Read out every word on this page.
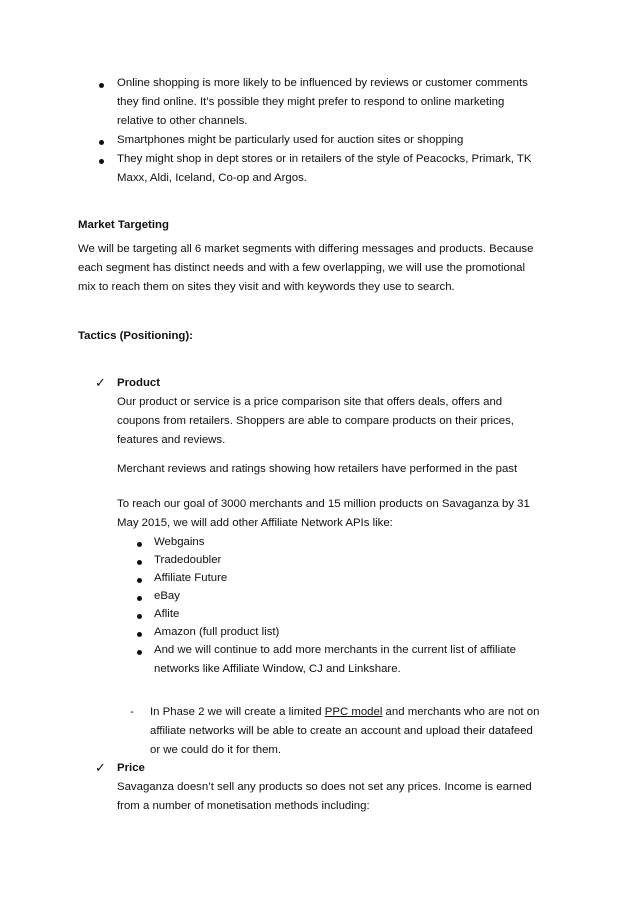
Online shopping is more likely to be influenced by reviews or customer comments
they find online. It’s possible they might prefer to respond to online marketing
relative to other channels.
Smartphones might be particularly used for auction sites or shopping
They might shop in dept stores or in retailers of the style of Peacocks, Primark, TK
Maxx, Aldi, Iceland, Co-op and Argos.
Market Targeting
We will be targeting all 6 market segments with differing messages and products. Because
each segment has distinct needs and with a few overlapping, we will use the promotional
mix to reach them on sites they visit and with keywords they use to search.
Tactics (Positioning):
✓ Product
Our product or service is a price comparison site that offers deals, offers and
coupons from retailers. Shoppers are able to compare products on their prices,
features and reviews.
Merchant reviews and ratings showing how retailers have performed in the past
To reach our goal of 3000 merchants and 15 million products on Savaganza by 31
May 2015, we will add other Affiliate Network APIs like:
Webgains
Tradedoubler
Affiliate Future
eBay
Aflite
Amazon (full product list)
And we will continue to add more merchants in the current list of affiliate
networks like Affiliate Window, CJ and Linkshare.
- In Phase 2 we will create a limited PPC model and merchants who are not on
affiliate networks will be able to create an account and upload their datafeed
or we could do it for them.
✓ Price
Savaganza doesn’t sell any products so does not set any prices. Income is earned
from a number of monetisation methods including:
